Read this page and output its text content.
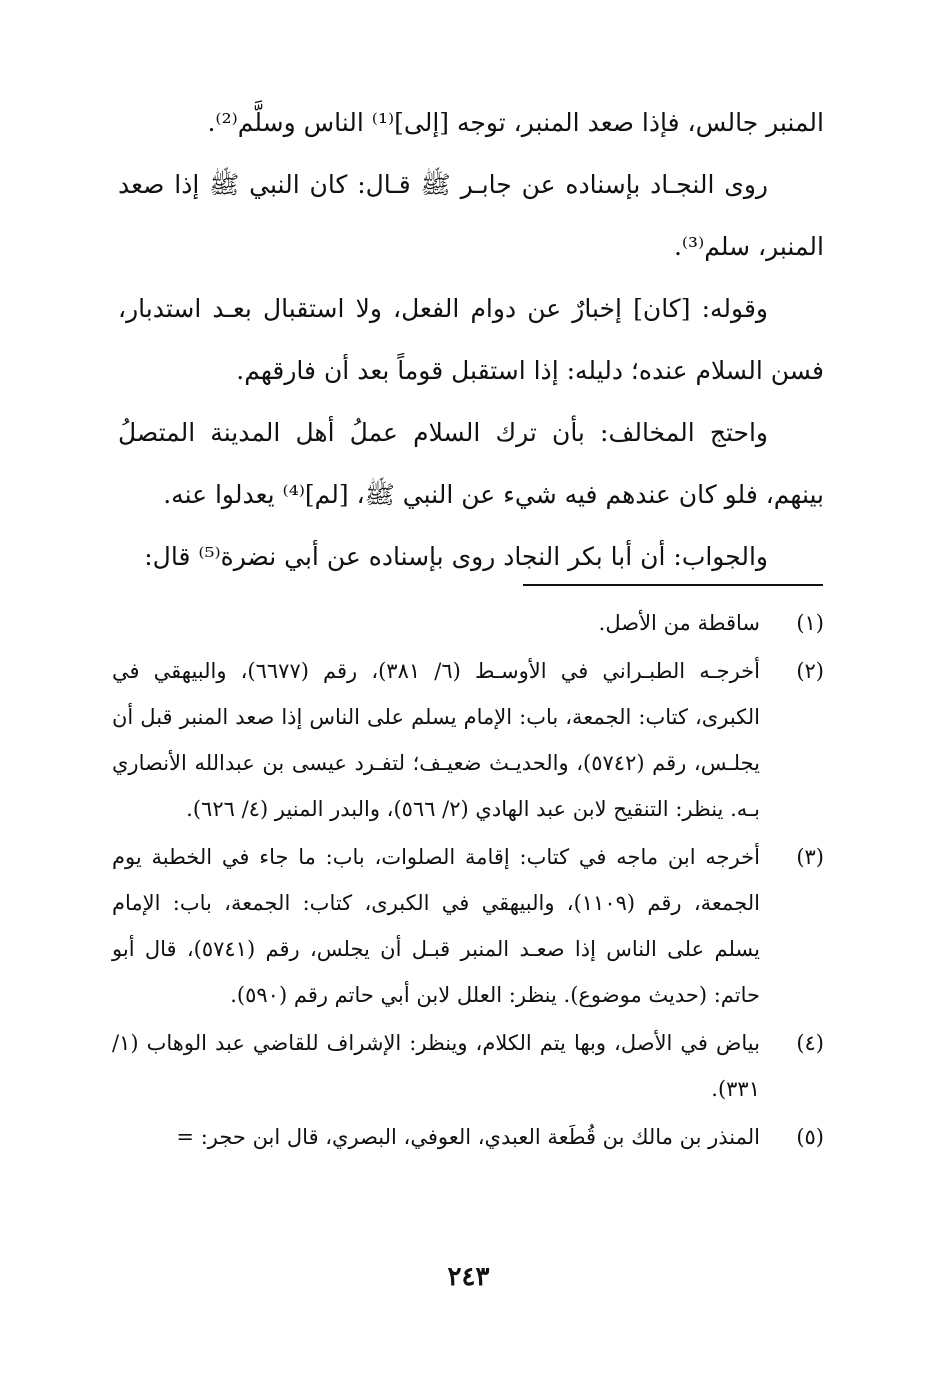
المنبر جالس، فإذا صعد المنبر، توجه [إلى]⁽¹⁾ الناس وسلَّم⁽²⁾.

روى النجـاد بإسناده عن جابـر ﷺ قـال: كان النبي ﷺ إذا صعد المنبر، سلم⁽³⁾.

وقوله: [كان] إخبارٌ عن دوام الفعل، ولا استقبال بعـد استدبار، فسن السلام عنده؛ دليله: إذا استقبل قوماً بعد أن فارقهم.

واحتج المخالف: بأن ترك السلام عملُ أهل المدينة المتصلُ بينهم، فلو كان عندهم فيه شيء عن النبي ﷺ، [لم]⁽⁴⁾ يعدلوا عنه.

والجواب: أن أبا بكر النجاد روى بإسناده عن أبي نضرة⁽⁵⁾ قال:

(١)
ساقطة من الأصل.
(٢)
أخرجـه الطبـراني في الأوسـط (٦/ ٣٨١)، رقم (٦٦٧٧)، والبيهقي في الكبرى، كتاب: الجمعة، باب: الإمام يسلم على الناس إذا صعد المنبر قبل أن يجلـس، رقم (٥٧٤٢)، والحديـث ضعيـف؛ لتفـرد عيسى بن عبدالله الأنصاري بـه. ينظر: التنقيح لابن عبد الهادي (٢/ ٥٦٦)، والبدر المنير (٤/ ٦٢٦).
(٣)
أخرجه ابن ماجه في كتاب: إقامة الصلوات، باب: ما جاء في الخطبة يوم الجمعة، رقم (١١٠٩)، والبيهقي في الكبرى، كتاب: الجمعة، باب: الإمام يسلم على الناس إذا صعـد المنبر قبـل أن يجلس، رقم (٥٧٤١)، قال أبو حاتم: (حديث موضوع). ينظر: العلل لابن أبي حاتم رقم (٥٩٠).
(٤)
بياض في الأصل، وبها يتم الكلام، وينظر: الإشراف للقاضي عبد الوهاب (١/ ٣٣١).
(٥)
المنذر بن مالك بن قُطَعة العبدي، العوفي، البصري، قال ابن حجر: =
٢٤٣
